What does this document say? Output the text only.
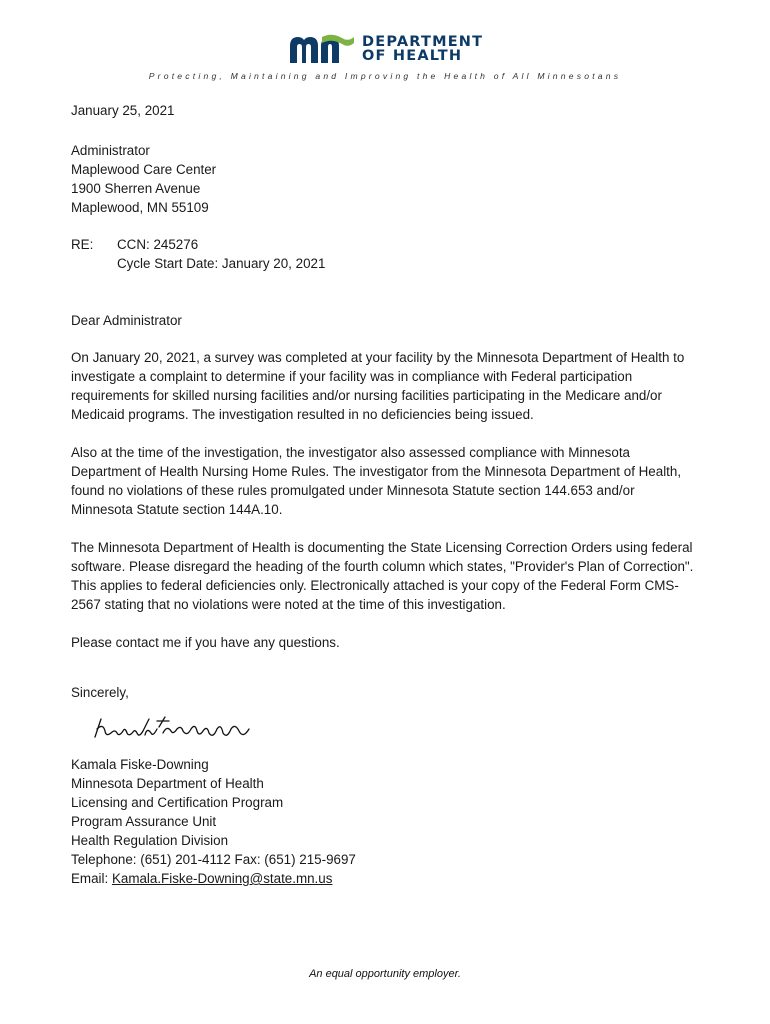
DEPARTMENT
OF HEALTH
Protecting, Maintaining and Improving the Health of All Minnesotans

January 25, 2021

Administrator

Maplewood Care Center

1900 Sherren Avenue

Maplewood, MN 55109

RE:	CCN: 245276

Cycle Start Date: January 20, 2021

Dear Administrator

On January 20, 2021, a survey was completed at your facility by the Minnesota Department of Health to investigate a complaint to determine if your facility was in compliance with Federal participation requirements for skilled nursing facilities and/or nursing facilities participating in the Medicare and/or Medicaid programs. The investigation resulted in no deficiencies being issued.

Also at the time of the investigation, the investigator also assessed compliance with Minnesota Department of Health Nursing Home Rules. The investigator from the Minnesota Department of Health, found no violations of these rules promulgated under Minnesota Statute section 144.653 and/or Minnesota Statute section 144A.10.

The Minnesota Department of Health is documenting the State Licensing Correction Orders using federal software. Please disregard the heading of the fourth column which states, "Provider's Plan of Correction". This applies to federal deficiencies only. Electronically attached is your copy of the Federal Form CMS-2567 stating that no violations were noted at the time of this investigation.

Please contact me if you have any questions.

Sincerely,

Kamala Fiske-Downing

Minnesota Department of Health

Licensing and Certification Program

Program Assurance Unit

Health Regulation Division

Telephone: (651) 201-4112 Fax: (651) 215-9697

Email: Kamala.Fiske-Downing@state.mn.us

An equal opportunity employer.
